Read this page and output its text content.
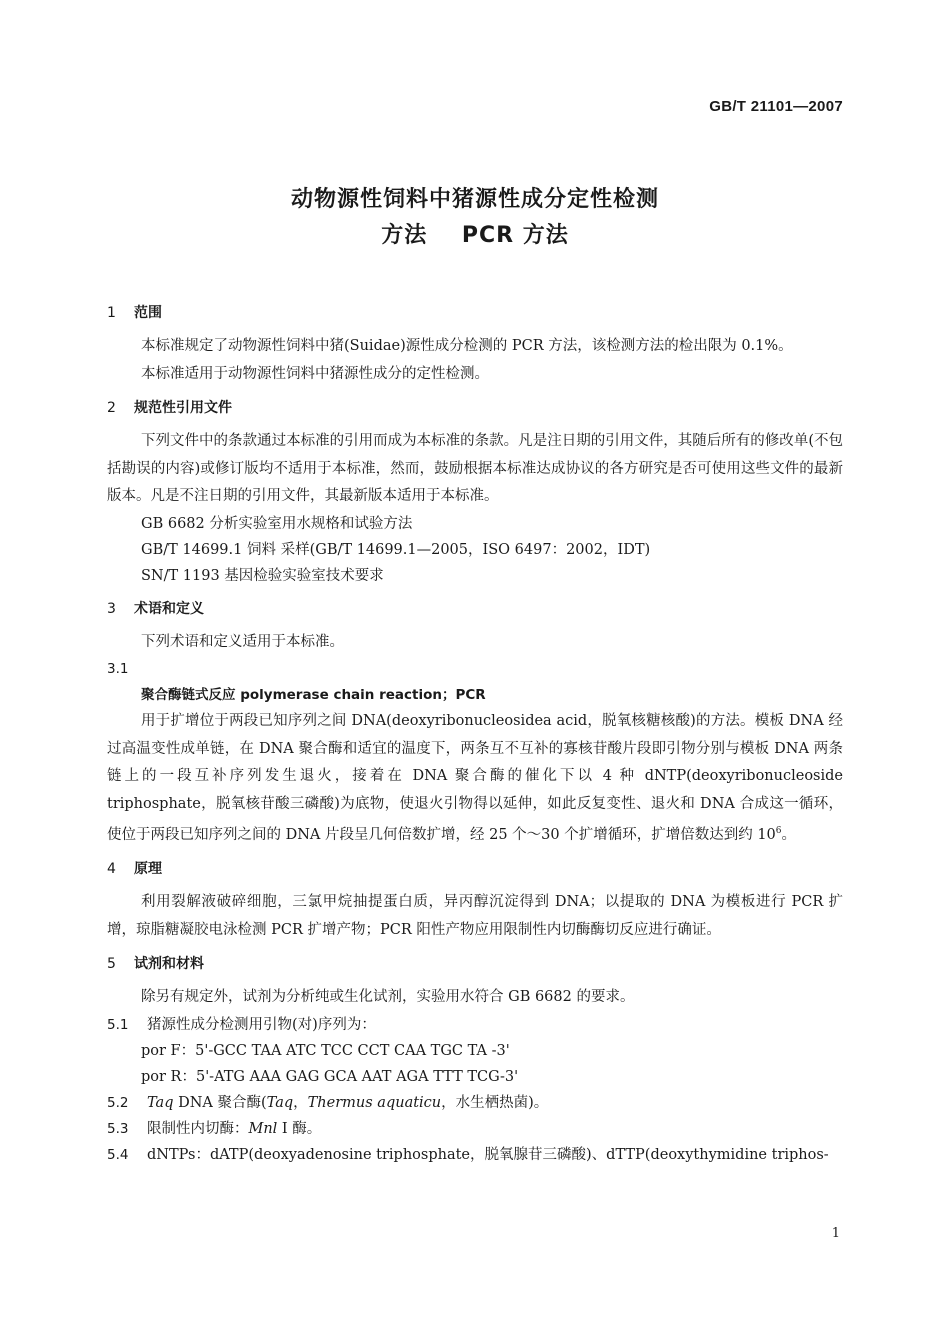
GB/T 21101—2007
动物源性饲料中猪源性成分定性检测
方法    PCR 方法
1 范围

本标准规定了动物源性饲料中猪(Suidae)源性成分检测的 PCR 方法，该检测方法的检出限为 0.1%。

本标准适用于动物源性饲料中猪源性成分的定性检测。

2 规范性引用文件

下列文件中的条款通过本标准的引用而成为本标准的条款。凡是注日期的引用文件，其随后所有的修改单(不包括勘误的内容)或修订版均不适用于本标准，然而，鼓励根据本标准达成协议的各方研究是否可使用这些文件的最新版本。凡是不注日期的引用文件，其最新版本适用于本标准。

GB 6682 分析实验室用水规格和试验方法
GB/T 14699.1 饲料 采样(GB/T 14699.1—2005，ISO 6497：2002，IDT)
SN/T 1193 基因检验实验室技术要求
3 术语和定义

下列术语和定义适用于本标准。

3.1
聚合酶链式反应 polymerase chain reaction；PCR

用于扩增位于两段已知序列之间 DNA(deoxyribonucleosidea acid，脱氧核糖核酸)的方法。模板 DNA 经过高温变性成单链，在 DNA 聚合酶和适宜的温度下，两条互不互补的寡核苷酸片段即引物分别与模板 DNA 两条链上的一段互补序列发生退火，接着在 DNA 聚合酶的催化下以 4 种 dNTP(deoxyribonucleoside triphosphate，脱氧核苷酸三磷酸)为底物，使退火引物得以延伸，如此反复变性、退火和 DNA 合成这一循环，使位于两段已知序列之间的 DNA 片段呈几何倍数扩增，经 25 个～30 个扩增循环，扩增倍数达到约 $10^6$。

4 原理

利用裂解液破碎细胞，三氯甲烷抽提蛋白质，异丙醇沉淀得到 DNA；以提取的 DNA 为模板进行 PCR 扩增，琼脂糖凝胶电泳检测 PCR 扩增产物；PCR 阳性产物应用限制性内切酶酶切反应进行确证。

5 试剂和材料

除另有规定外，试剂为分析纯或生化试剂，实验用水符合 GB 6682 的要求。

5.1 猪源性成分检测用引物(对)序列为：
por F：5'-GCC TAA ATC TCC CCT CAA TGC TA -3'
por R：5'-ATG AAA GAG GCA AAT AGA TTT TCG-3'
5.2 Taq DNA 聚合酶(Taq，Thermus aquaticu，水生栖热菌)。
5.3 限制性内切酶：Mnl Ⅰ 酶。
5.4 dNTPs：dATP(deoxyadenosine triphosphate，脱氧腺苷三磷酸)、dTTP(deoxythymidine triphos-
1
